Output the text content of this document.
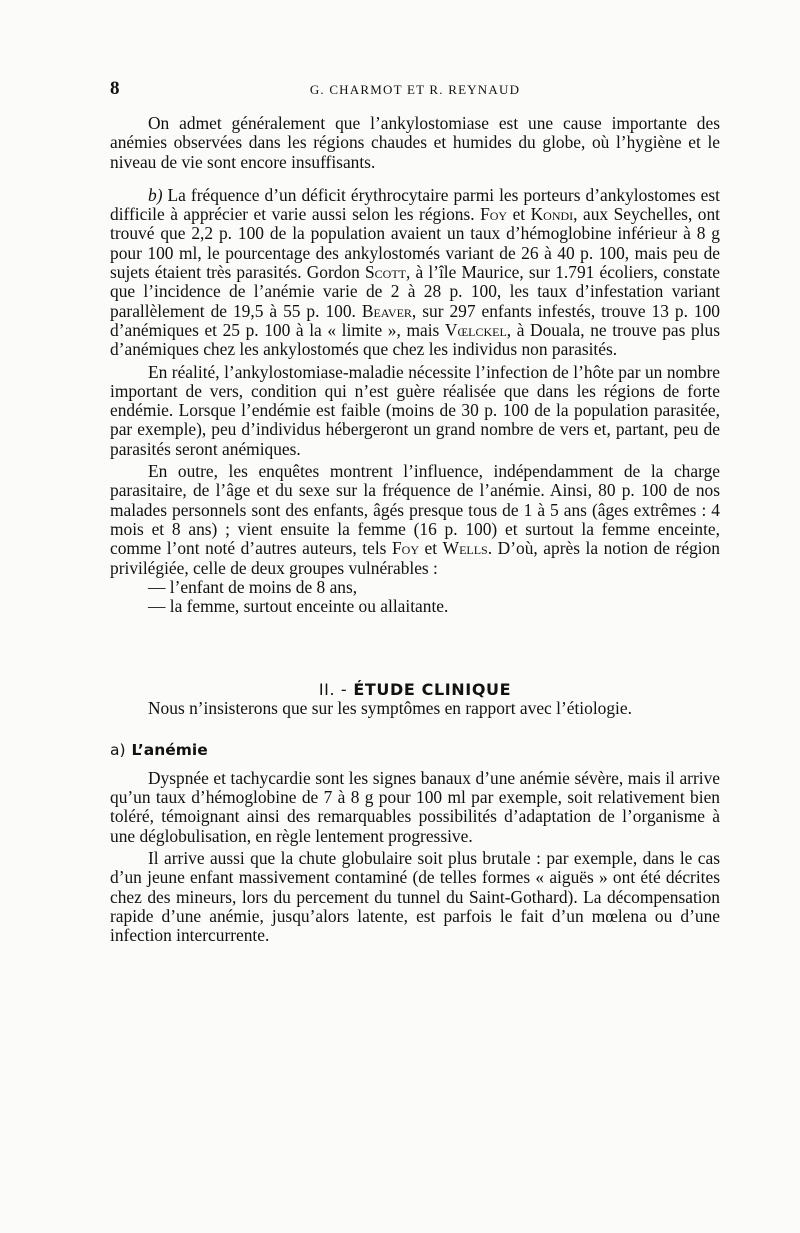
8	G. CHARMOT ET R. REYNAUD

On admet généralement que l’ankylostomiase est une cause importante des anémies observées dans les régions chaudes et humides du globe, où l’hygiène et le niveau de vie sont encore insuffisants.

b) La fréquence d’un déficit érythrocytaire parmi les porteurs d’ankylostomes est difficile à apprécier et varie aussi selon les régions. Foy et Kondi, aux Seychelles, ont trouvé que 2,2 p. 100 de la population avaient un taux d’hémoglobine inférieur à 8 g pour 100 ml, le pourcentage des ankylostomés variant de 26 à 40 p. 100, mais peu de sujets étaient très parasités. Gordon Scott, à l’île Maurice, sur 1.791 écoliers, constate que l’incidence de l’anémie varie de 2 à 28 p. 100, les taux d’infestation variant parallèlement de 19,5 à 55 p. 100. Beaver, sur 297 enfants infestés, trouve 13 p. 100 d’anémiques et 25 p. 100 à la « limite », mais Vœlckel, à Douala, ne trouve pas plus d’anémiques chez les ankylostomés que chez les individus non parasités.

En réalité, l’ankylostomiase-maladie nécessite l’infection de l’hôte par un nombre important de vers, condition qui n’est guère réalisée que dans les régions de forte endémie. Lorsque l’endémie est faible (moins de 30 p. 100 de la population parasitée, par exemple), peu d’individus hébergeront un grand nombre de vers et, partant, peu de parasités seront anémiques.

En outre, les enquêtes montrent l’influence, indépendamment de la charge parasitaire, de l’âge et du sexe sur la fréquence de l’anémie. Ainsi, 80 p. 100 de nos malades personnels sont des enfants, âgés presque tous de 1 à 5 ans (âges extrêmes : 4 mois et 8 ans) ; vient ensuite la femme (16 p. 100) et surtout la femme enceinte, comme l’ont noté d’autres auteurs, tels Foy et Wells. D’où, après la notion de région privilégiée, celle de deux groupes vulnérables :

— l’enfant de moins de 8 ans,

— la femme, surtout enceinte ou allaitante.

II. - ÉTUDE CLINIQUE

Nous n’insisterons que sur les symptômes en rapport avec l’étiologie.

a) L’anémie

Dyspnée et tachycardie sont les signes banaux d’une anémie sévère, mais il arrive qu’un taux d’hémoglobine de 7 à 8 g pour 100 ml par exemple, soit relativement bien toléré, témoignant ainsi des remarquables possibilités d’adaptation de l’organisme à une déglobulisation, en règle lentement progressive.

Il arrive aussi que la chute globulaire soit plus brutale : par exemple, dans le cas d’un jeune enfant massivement contaminé (de telles formes « aiguës » ont été décrites chez des mineurs, lors du percement du tunnel du Saint-Gothard). La décompensation rapide d’une anémie, jusqu’alors latente, est parfois le fait d’un mœlena ou d’une infection intercurrente.
